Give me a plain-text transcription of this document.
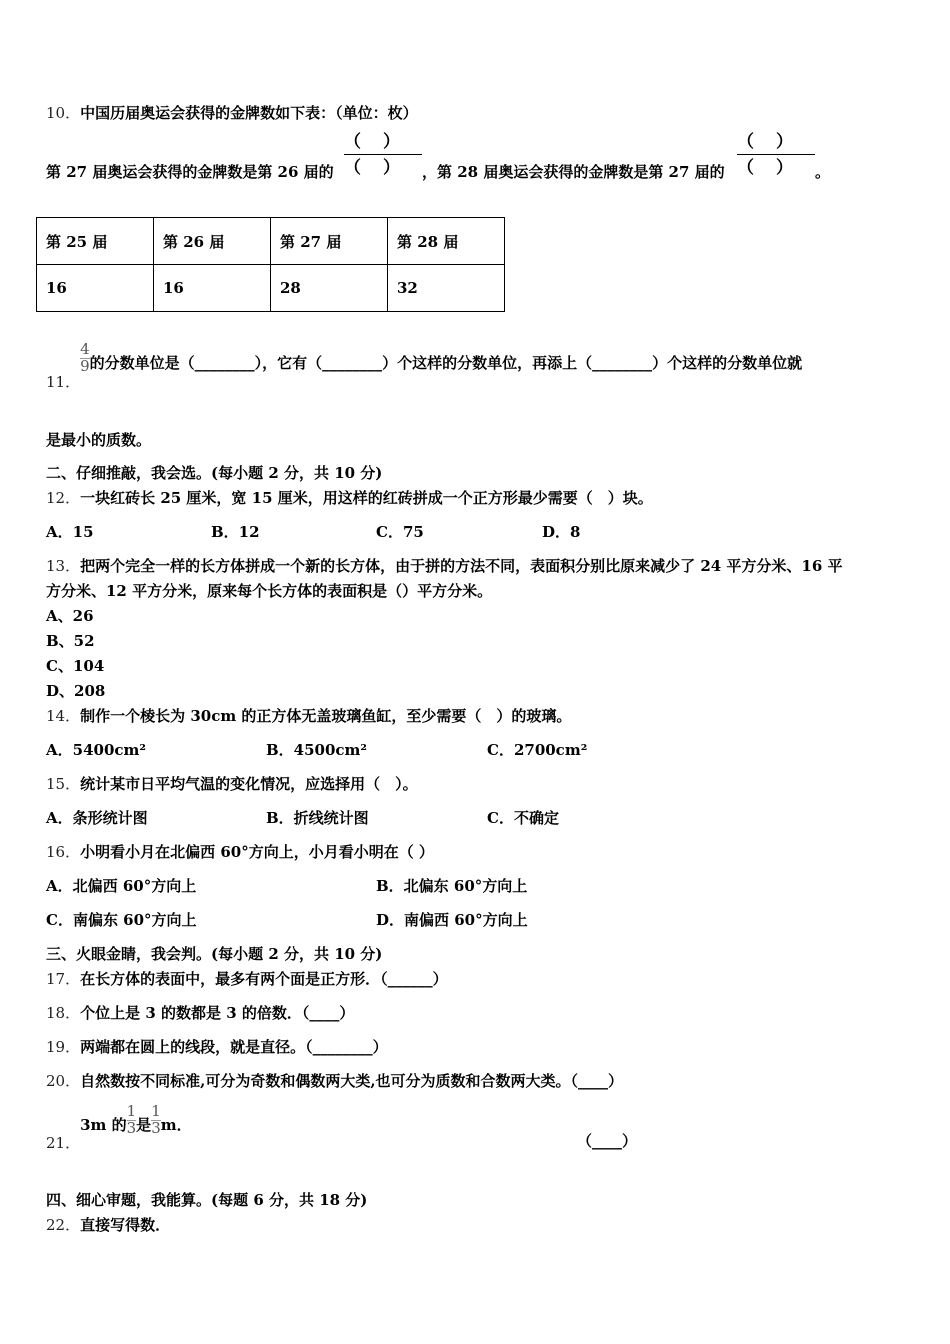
10．中国历届奥运会获得的金牌数如下表：（单位：枚）
第 27 届奥运会获得的金牌数是第 26 届的
（）
（） ，第 28 届奥运会获得的金牌数是第 27 届的
（）
（） 。
第 25 届	第 26 届	第 27 届	第 28 届
16	16	28	32
11．
$\frac{4}{9}$ 的分数单位是（________），它有（________）个这样的分数单位，再添上（________）个这样的分数单位就
是最小的质数。
二、仔细推敲，我会选。(每小题 2 分，共 10 分)
12．一块红砖长 25 厘米，宽 15 厘米，用这样的红砖拼成一个正方形最少需要（　）块。
A．15	B．12	C．75	D．8
13．把两个完全一样的长方体拼成一个新的长方体，由于拼的方法不同，表面积分别比原来减少了 24 平方分米、16 平
方分米、12 平方分米，原来每个长方体的表面积是（）平方分米。
A、26
B、52
C、104
D、208
14．制作一个棱长为 30cm 的正方体无盖玻璃鱼缸，至少需要（　）的玻璃。
A．5400cm²	B．4500cm²	C．2700cm²
15．统计某市日平均气温的变化情况，应选择用（　）。
A．条形统计图	B．折线统计图	C．不确定
16．小明看小月在北偏西 60°方向上，小月看小明在（ ）
A．北偏西 60°方向上	B．北偏东 60°方向上
C．南偏东 60°方向上	D．南偏西 60°方向上
三、火眼金睛，我会判。(每小题 2 分，共 10 分)
17．在长方体的表面中，最多有两个面是正方形．（______）
18．个位上是 3 的数都是 3 的倍数．（____）
19．两端都在圆上的线段，就是直径。（________）
20．自然数按不同标准,可分为奇数和偶数两大类,也可分为质数和合数两大类。（____）
21．3m 的 $\frac{1}{3}$ 是 $\frac{1}{3}$ m．
（____）
四、细心审题，我能算。(每题 6 分，共 18 分)
22．直接写得数．
